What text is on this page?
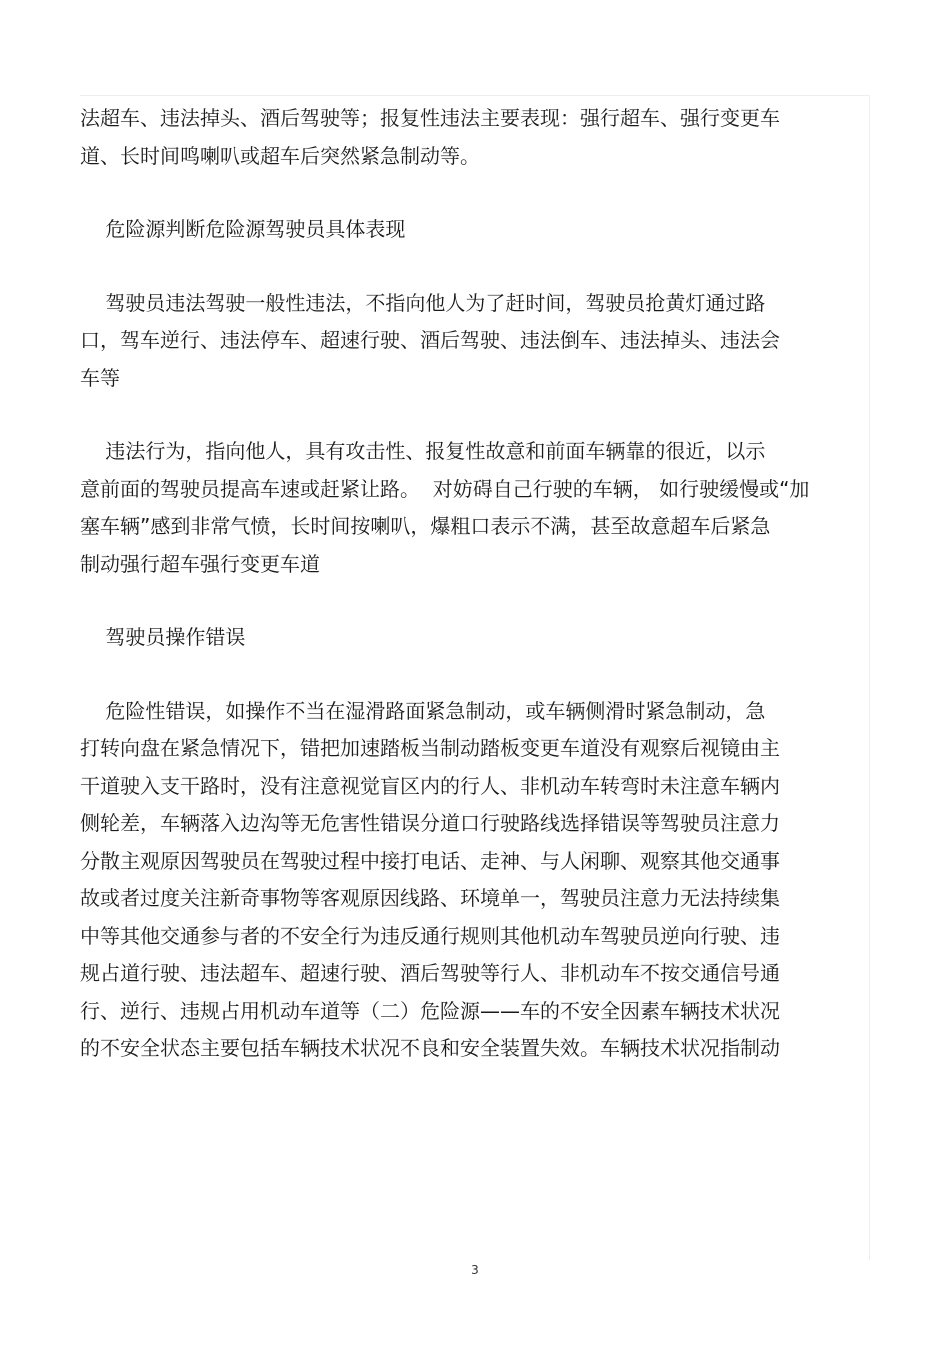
法超车、违法掉头、酒后驾驶等；报复性违法主要表现：强行超车、强行变更车
道、长时间鸣喇叭或超车后突然紧急制动等。
危险源判断危险源驾驶员具体表现
驾驶员违法驾驶一般性违法，不指向他人为了赶时间，驾驶员抢黄灯通过路
口，驾车逆行、违法停车、超速行驶、酒后驾驶、违法倒车、违法掉头、违法会
车等
违法行为，指向他人，具有攻击性、报复性故意和前面车辆靠的很近，以示
意前面的驾驶员提高车速或赶紧让路。  对妨碍自己行驶的车辆， 如行驶缓慢或“加
塞车辆”感到非常气愤，长时间按喇叭，爆粗口表示不满，甚至故意超车后紧急
制动强行超车强行变更车道
驾驶员操作错误
危险性错误，如操作不当在湿滑路面紧急制动，或车辆侧滑时紧急制动，急
打转向盘在紧急情况下，错把加速踏板当制动踏板变更车道没有观察后视镜由主
干道驶入支干路时，没有注意视觉盲区内的行人、非机动车转弯时未注意车辆内
侧轮差，车辆落入边沟等无危害性错误分道口行驶路线选择错误等驾驶员注意力
分散主观原因驾驶员在驾驶过程中接打电话、走神、与人闲聊、观察其他交通事
故或者过度关注新奇事物等客观原因线路、环境单一，驾驶员注意力无法持续集
中等其他交通参与者的不安全行为违反通行规则其他机动车驾驶员逆向行驶、违
规占道行驶、违法超车、超速行驶、酒后驾驶等行人、非机动车不按交通信号通
行、逆行、违规占用机动车道等（二）危险源——车的不安全因素车辆技术状况
的不安全状态主要包括车辆技术状况不良和安全装置失效。车辆技术状况指制动
3
